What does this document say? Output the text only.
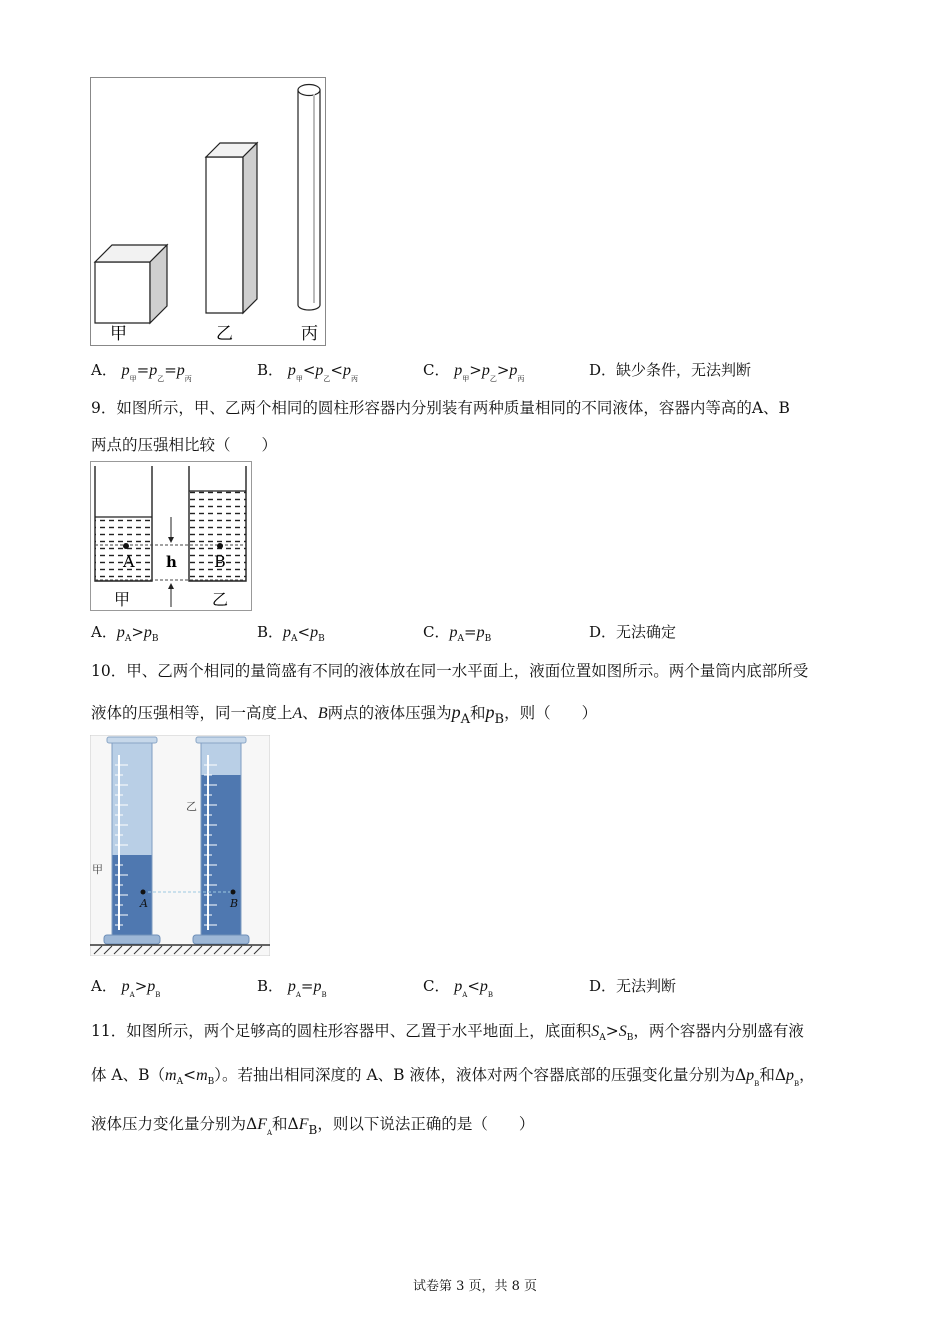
甲	乙	丙
A． $p_甲=p_乙=p_丙$	B． $p_甲<p_乙<p_丙$	C． $p_甲>p_乙>p_丙$	D．缺少条件，无法判断
9．如图所示，甲、乙两个相同的圆柱形容器内分别装有两种质量相同的不同液体，容器内等高的A、B
两点的压强相比较（　　）
A	B
h
甲	乙
A．$p_A>p_B$	B．$p_A<p_B$	C．$p_A=p_B$	D．无法确定
10．甲、乙两个相同的量筒盛有不同的液体放在同一水平面上，液面位置如图所示。两个量筒内底部所受
液体的压强相等，同一高度上A、B两点的液体压强为$p_A$和$p_B$，则（　　）
A	B
甲
乙
A． $p_A>p_B$	B． $p_A=p_B$	C． $p_A<p_B$	D．无法判断
11．如图所示，两个足够高的圆柱形容器甲、乙置于水平地面上，底面积$S_A>S_B$，两个容器内分别盛有液
体 A、$B(m_A<m_B)$。若抽出相同深度的 A、B 液体，液体对两个容器底部的压强变化量分别为$\Delta p_B$和$\Delta p_B$，
液体压力变化量分别为$\Delta F_A$和$\Delta F_B$，则以下说法正确的是（　　）
试卷第 3 页，共 8 页
